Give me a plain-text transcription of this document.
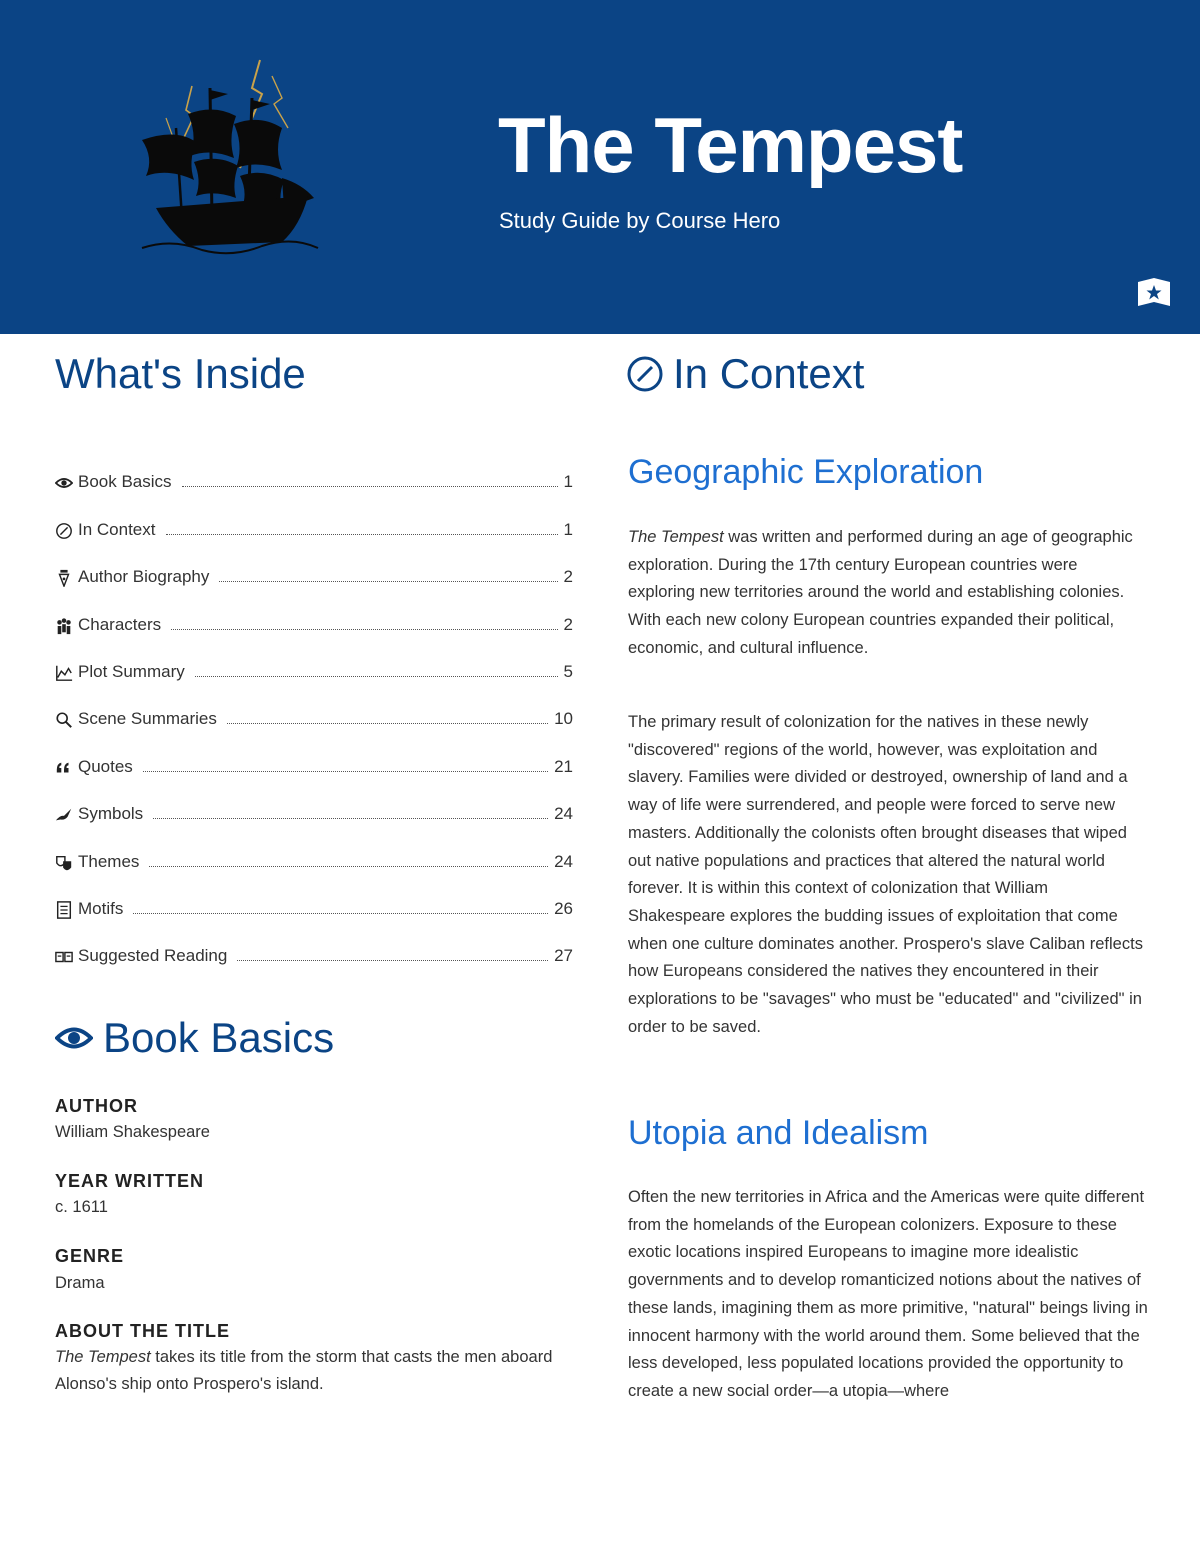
The Tempest
Study Guide by Course Hero
What's Inside
Book Basics	1
In Context	1
Author Biography	2
Characters	2
Plot Summary	5
Scene Summaries	10
Quotes	21
Symbols	24
Themes	24
Motifs	26
Suggested Reading	27
Book Basics
AUTHOR
William Shakespeare
YEAR WRITTEN
c. 1611
GENRE
Drama
ABOUT THE TITLE
The Tempest takes its title from the storm that casts the men aboard Alonso's ship onto Prospero's island.
In Context
Geographic Exploration
The Tempest was written and performed during an age of geographic exploration. During the 17th century European countries were exploring new territories around the world and establishing colonies. With each new colony European countries expanded their political, economic, and cultural influence.
The primary result of colonization for the natives in these newly "discovered" regions of the world, however, was exploitation and slavery. Families were divided or destroyed, ownership of land and a way of life were surrendered, and people were forced to serve new masters. Additionally the colonists often brought diseases that wiped out native populations and practices that altered the natural world forever. It is within this context of colonization that William Shakespeare explores the budding issues of exploitation that come when one culture dominates another. Prospero's slave Caliban reflects how Europeans considered the natives they encountered in their explorations to be "savages" who must be "educated" and "civilized" in order to be saved.
Utopia and Idealism
Often the new territories in Africa and the Americas were quite different from the homelands of the European colonizers. Exposure to these exotic locations inspired Europeans to imagine more idealistic governments and to develop romanticized notions about the natives of these lands, imagining them as more primitive, "natural" beings living in innocent harmony with the world around them. Some believed that the less developed, less populated locations provided the opportunity to create a new social order—a utopia—where
